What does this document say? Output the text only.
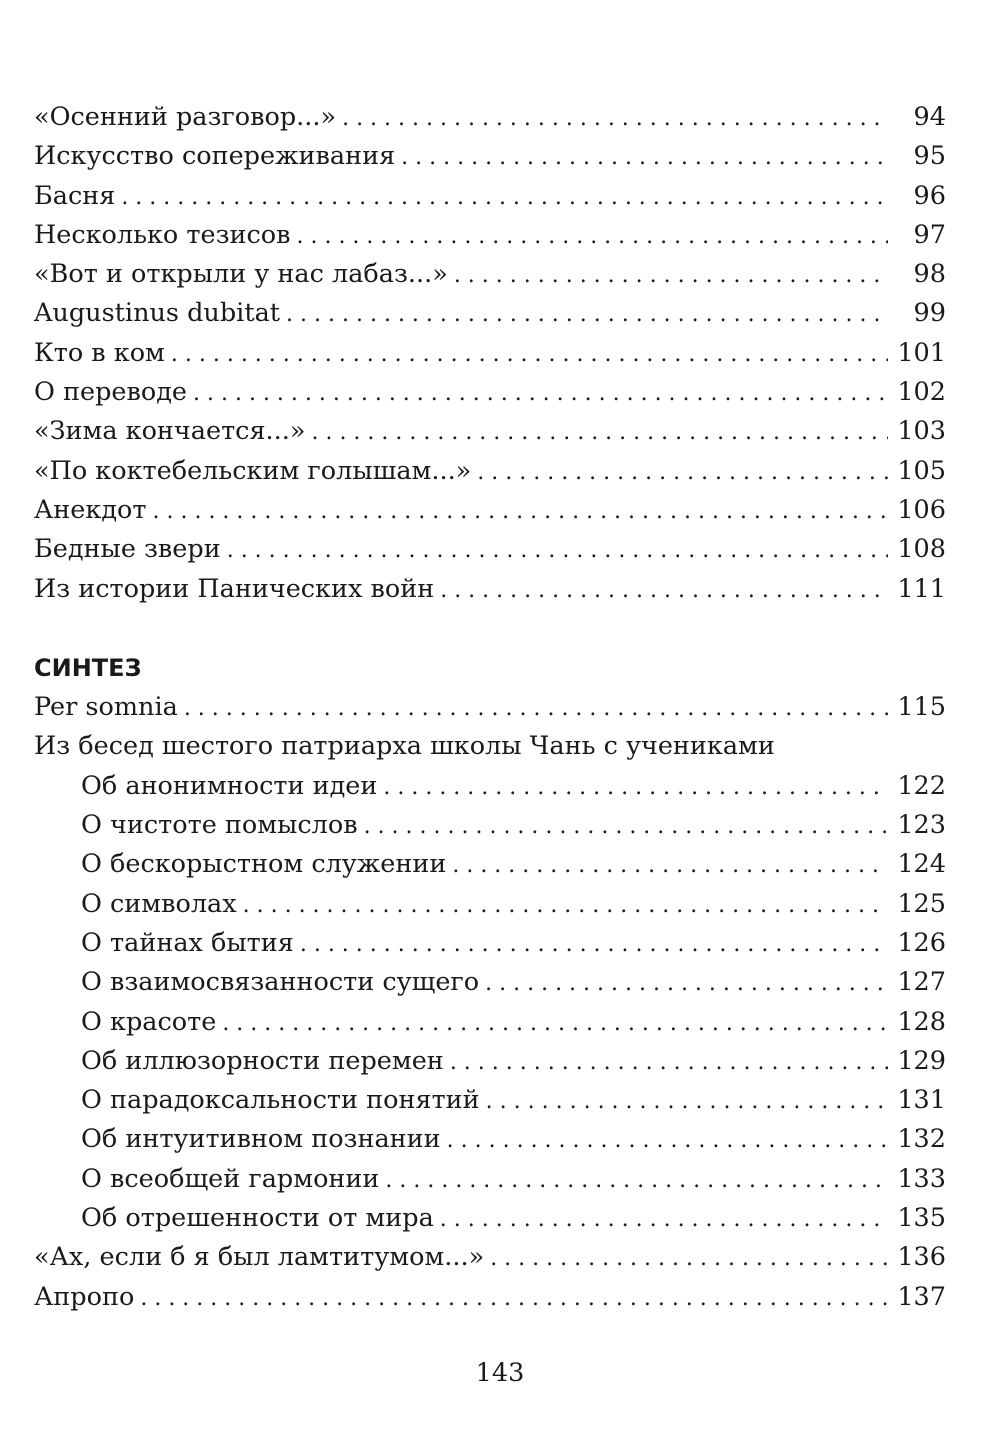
«Осенний разговор...» . . .	94
Искусство сопереживания . . .	95
Басня . . .	96
Несколько тезисов . . .	97
«Вот и открыли у нас лабаз...» . . .	98
Augustinus dubitat . . .	99
Кто в ком . . .	101
О переводе . . .	102
«Зима кончается...» . . .	103
«По коктебельским голышам...» . . .	105
Анекдот . . .	106
Бедные звери . . .	108
Из истории Панических войн . . .	111
СИНТЕЗ
Per somnia . . .	115
Из бесед шестого патриарха школы Чань с учениками
Об анонимности идеи . . .	122
О чистоте помыслов . . .	123
О бескорыстном служении . . .	124
О символах . . .	125
О тайнах бытия . . .	126
О взаимосвязанности сущего . . .	127
О красоте . . .	128
Об иллюзорности перемен . . .	129
О парадоксальности понятий . . .	131
Об интуитивном познании . . .	132
О всеобщей гармонии . . .	133
Об отрешенности от мира . . .	135
«Ах, если б я был ламтитумом...» . . .	136
Апропо . . .	137
143
